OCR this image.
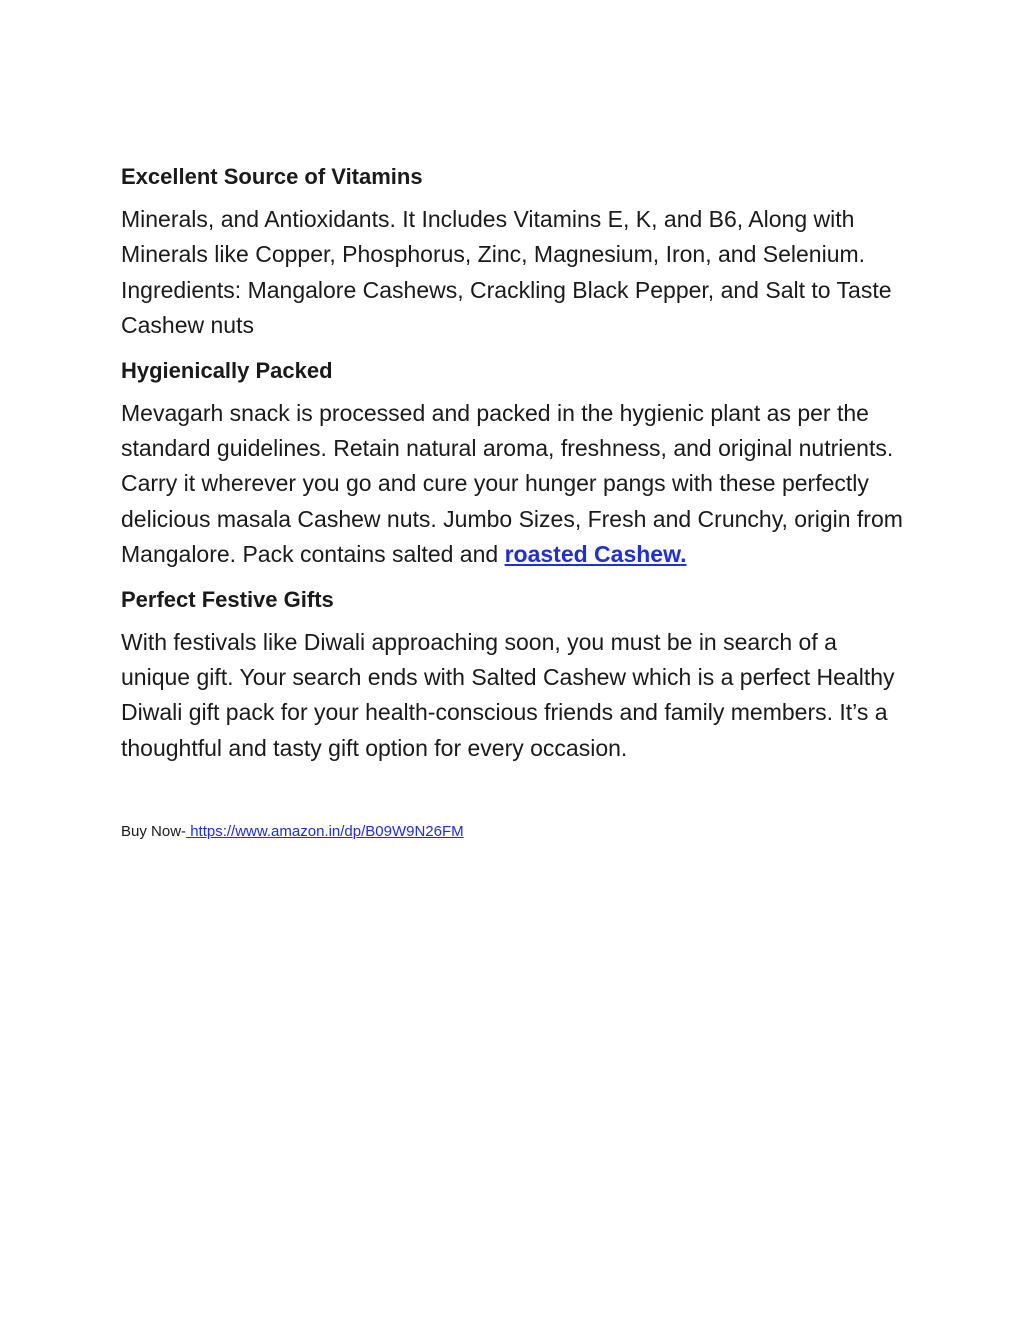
Excellent Source of Vitamins

Minerals, and Antioxidants. It Includes Vitamins E, K, and B6, Along with Minerals like Copper, Phosphorus, Zinc, Magnesium, Iron, and Selenium. Ingredients: Mangalore Cashews, Crackling Black Pepper, and Salt to Taste Cashew nuts

Hygienically Packed

Mevagarh snack is processed and packed in the hygienic plant as per the standard guidelines. Retain natural aroma, freshness, and original nutrients. Carry it wherever you go and cure your hunger pangs with these perfectly delicious masala Cashew nuts. Jumbo Sizes, Fresh and Crunchy, origin from Mangalore. Pack contains salted and roasted Cashew.

Perfect Festive Gifts

With festivals like Diwali approaching soon, you must be in search of a unique gift. Your search ends with Salted Cashew which is a perfect Healthy Diwali gift pack for your health-conscious friends and family members. It’s a thoughtful and tasty gift option for every occasion.

Buy Now- https://www.amazon.in/dp/B09W9N26FM
